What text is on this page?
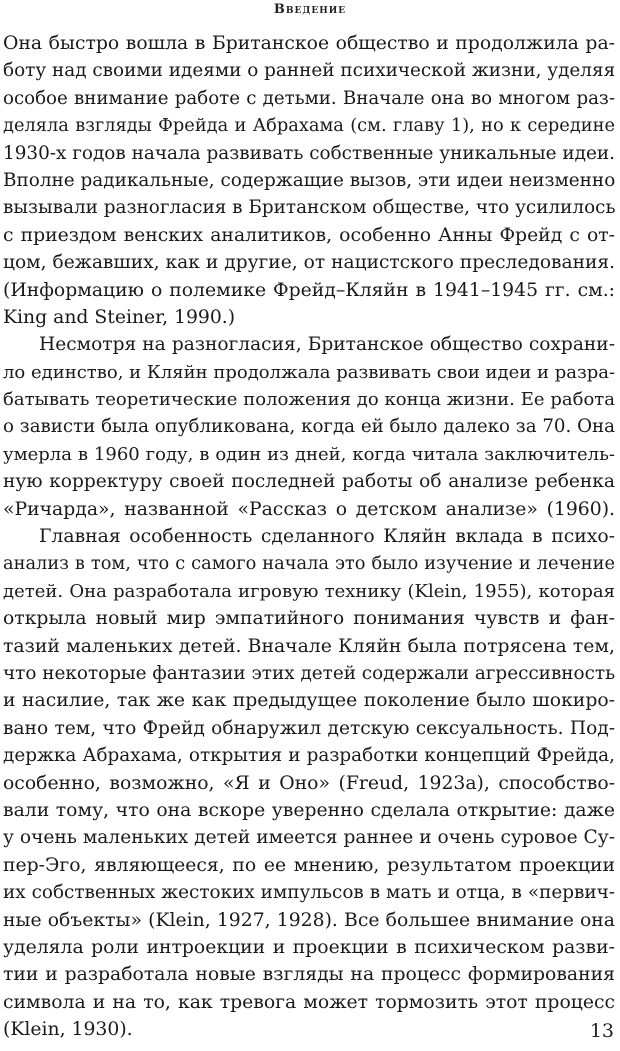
Введение
Она быстро вошла в Британское общество и продолжила ра-
боту над своими идеями о ранней психической жизни, уделяя
особое внимание работе с детьми. Вначале она во многом раз-
деляла взгляды Фрейда и Абрахама (см. главу 1), но к середине
1930-х годов начала развивать собственные уникальные идеи.
Вполне радикальные, содержащие вызов, эти идеи неизменно
вызывали разногласия в Британском обществе, что усилилось
с приездом венских аналитиков, особенно Анны Фрейд с от-
цом, бежавших, как и другие, от нацистского преследования.
(Информацию о полемике Фрейд–Кляйн в 1941–1945 гг. см.:
King and Steiner, 1990.)
Несмотря на разногласия, Британское общество сохрани-
ло единство, и Кляйн продолжала развивать свои идеи и разра-
батывать теоретические положения до конца жизни. Ее работа
о зависти была опубликована, когда ей было далеко за 70. Она
умерла в 1960 году, в один из дней, когда читала заключитель-
ную корректуру своей последней работы об анализе ребенка
«Ричарда», названной «Рассказ о детском анализе» (1960).
Главная особенность сделанного Кляйн вклада в психо-
анализ в том, что с самого начала это было изучение и лечение
детей. Она разработала игровую технику (Klein, 1955), которая
открыла новый мир эмпатийного понимания чувств и фан-
тазий маленьких детей. Вначале Кляйн была потрясена тем,
что некоторые фантазии этих детей содержали агрессивность
и насилие, так же как предыдущее поколение было шокиро-
вано тем, что Фрейд обнаружил детскую сексуальность. Под-
держка Абрахама, открытия и разработки концепций Фрейда,
особенно, возможно, «Я и Оно» (Freud, 1923a), способство-
вали тому, что она вскоре уверенно сделала открытие: даже
у очень маленьких детей имеется раннее и очень суровое Су-
пер-Эго, являющееся, по ее мнению, результатом проекции
их собственных жестоких импульсов в мать и отца, в «первич-
ные объекты» (Klein, 1927, 1928). Все большее внимание она
уделяла роли интроекции и проекции в психическом разви-
тии и разработала новые взгляды на процесс формирования
символа и на то, как тревога может тормозить этот процесс
(Klein, 1930).	13
